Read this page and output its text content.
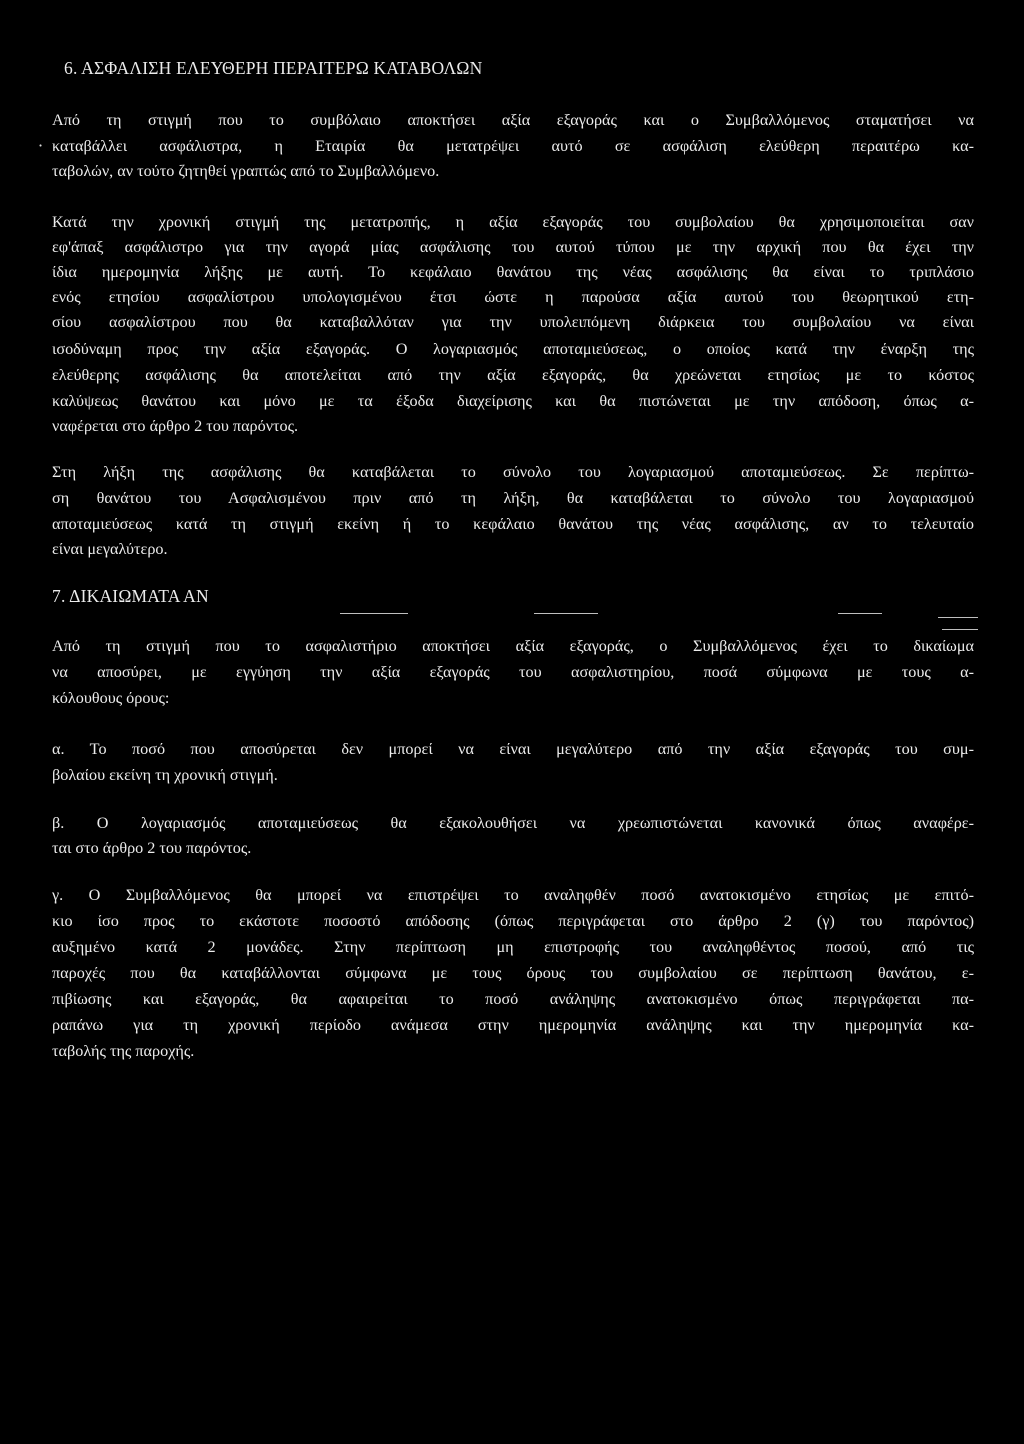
6. ΑΣΦΑΛΙΣΗ ΕΛΕΥΘΕΡΗ ΠΕΡΑΙΤΕΡΩ ΚΑΤΑΒΟΛΩΝ
·
Από τη στιγμή που το συμβόλαιο αποκτήσει αξία εξαγοράς και ο Συμβαλλόμενος σταματήσει να
καταβάλλει ασφάλιστρα, η Εταιρία θα μετατρέψει αυτό σε ασφάλιση ελεύθερη περαιτέρω κα-
ταβολών, αν τούτο ζητηθεί γραπτώς από το Συμβαλλόμενο.
Κατά την χρονική στιγμή της μετατροπής, η αξία εξαγοράς του συμβολαίου θα χρησιμοποιείται σαν
εφ'άπαξ ασφάλιστρο για την αγορά μίας ασφάλισης του αυτού τύπου με την αρχική που θα έχει την
ίδια ημερομηνία λήξης με αυτή. Το κεφάλαιο θανάτου της νέας ασφάλισης θα είναι το τριπλάσιο
ενός ετησίου ασφαλίστρου υπολογισμένου έτσι ώστε η παρούσα αξία αυτού του θεωρητικού ετη-
σίου ασφαλίστρου που θα καταβαλλόταν για την υπολειπόμενη διάρκεια του συμβολαίου να είναι
ισοδύναμη προς την αξία εξαγοράς. Ο λογαριασμός αποταμιεύσεως, ο οποίος κατά την έναρξη της
ελεύθερης ασφάλισης θα αποτελείται από την αξία εξαγοράς, θα χρεώνεται ετησίως με το κόστος
καλύψεως θανάτου και μόνο με τα έξοδα διαχείρισης και θα πιστώνεται με την απόδοση, όπως α-
ναφέρεται στο άρθρο 2 του παρόντος.
Στη λήξη της ασφάλισης θα καταβάλεται το σύνολο του λογαριασμού αποταμιεύσεως. Σε περίπτω-
ση θανάτου του Ασφαλισμένου πριν από τη λήξη, θα καταβάλεται το σύνολο του λογαριασμού
αποταμιεύσεως κατά τη στιγμή εκείνη ή το κεφάλαιο θανάτου της νέας ασφάλισης, αν το τελευταίο
είναι μεγαλύτερο.
7. ΔΙΚΑΙΩΜΑΤΑ ΑΝ
Από τη στιγμή που το ασφαλιστήριο αποκτήσει αξία εξαγοράς, ο Συμβαλλόμενος έχει το δικαίωμα
να αποσύρει, με εγγύηση την αξία εξαγοράς του ασφαλιστηρίου, ποσά σύμφωνα με τους α-
κόλουθους όρους:
α. Το ποσό που αποσύρεται δεν μπορεί να είναι μεγαλύτερο από την αξία εξαγοράς του συμ-
βολαίου εκείνη τη χρονική στιγμή.
β. Ο λογαριασμός αποταμιεύσεως θα εξακολουθήσει να χρεωπιστώνεται κανονικά όπως αναφέρε-
ται στο άρθρο 2 του παρόντος.
γ. Ο Συμβαλλόμενος θα μπορεί να επιστρέψει το αναληφθέν ποσό ανατοκισμένο ετησίως με επιτό-
κιο ίσο προς το εκάστοτε ποσοστό απόδοσης (όπως περιγράφεται στο άρθρο 2 (γ) του παρόντος)
αυξημένο κατά 2 μονάδες. Στην περίπτωση μη επιστροφής του αναληφθέντος ποσού, από τις
παροχές που θα καταβάλλονται σύμφωνα με τους όρους του συμβολαίου σε περίπτωση θανάτου, ε-
πιβίωσης και εξαγοράς, θα αφαιρείται το ποσό ανάληψης ανατοκισμένο όπως περιγράφεται πα-
ραπάνω για τη χρονική περίοδο ανάμεσα στην ημερομηνία ανάληψης και την ημερομηνία κα-
ταβολής της παροχής.
